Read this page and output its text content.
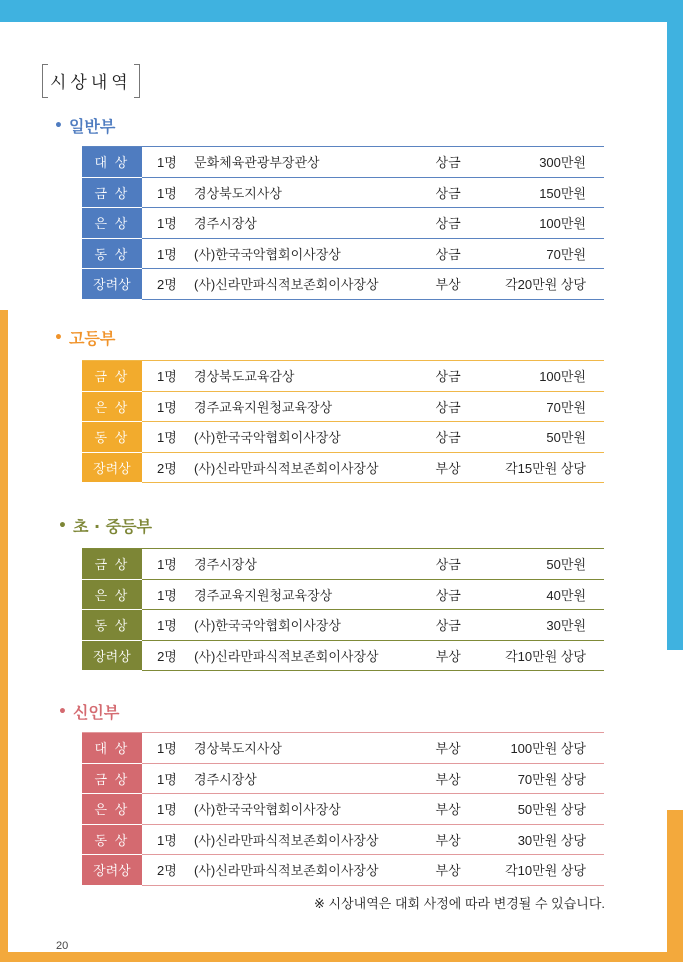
시상내역
• 일반부
대 상	1명	문화체육관광부장관상	상금	300만원
금 상	1명	경상북도지사상	상금	150만원
은 상	1명	경주시장상	상금	100만원
동 상	1명	(사)한국국악협회이사장상	상금	70만원
장려상	2명	(사)신라만파식적보존회이사장상	부상	각20만원 상당
• 고등부
금 상	1명	경상북도교육감상	상금	100만원
은 상	1명	경주교육지원청교육장상	상금	70만원
동 상	1명	(사)한국국악협회이사장상	상금	50만원
장려상	2명	(사)신라만파식적보존회이사장상	부상	각15만원 상당
• 초 · 중등부
금 상	1명	경주시장상	상금	50만원
은 상	1명	경주교육지원청교육장상	상금	40만원
동 상	1명	(사)한국국악협회이사장상	상금	30만원
장려상	2명	(사)신라만파식적보존회이사장상	부상	각10만원 상당
• 신인부
대 상	1명	경상북도지사상	부상	100만원 상당
금 상	1명	경주시장상	부상	70만원 상당
은 상	1명	(사)한국국악협회이사장상	부상	50만원 상당
동 상	1명	(사)신라만파식적보존회이사장상	부상	30만원 상당
장려상	2명	(사)신라만파식적보존회이사장상	부상	각10만원 상당
※ 시상내역은 대회 사정에 따라 변경될 수 있습니다.
20
